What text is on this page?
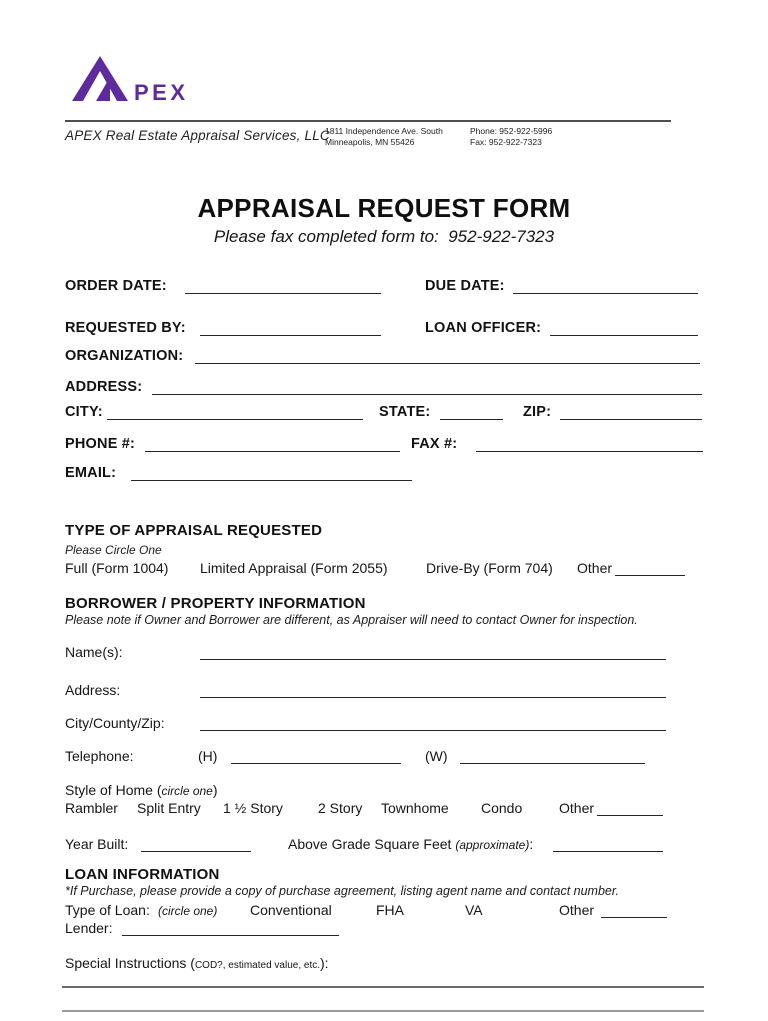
PEX
APEX Real Estate Appraisal Services, LLC
1811 Independence Ave. South
Minneapolis, MN 55426
Phone: 952-922-5996
Fax: 952-922-7323
APPRAISAL REQUEST FORM
Please fax completed form to:  952-922-7323
ORDER DATE:	DUE DATE:
REQUESTED BY:	LOAN OFFICER:
ORGANIZATION:
ADDRESS:
CITY:	STATE:	ZIP:
PHONE #:	FAX #:
EMAIL:
TYPE OF APPRAISAL REQUESTED
Please Circle One
Full (Form 1004) Limited Appraisal (Form 2055)	Drive-By (Form 704) Other
BORROWER / PROPERTY INFORMATION
Please note if Owner and Borrower are different, as Appraiser will need to contact Owner for inspection.
Name(s):
Address:
City/County/Zip:
Telephone:	(H)	(W)
Style of Home (circle one)
Rambler Split Entry 1 ½ Story	2 Story Townhome Condo	Other
Year Built:	Above Grade Square Feet (approximate):
LOAN INFORMATION
*If Purchase, please provide a copy of purchase agreement, listing agent name and contact number.
Type of Loan: (circle one) Conventional	FHA	VA	Other
Lender:
Special Instructions (COD?, estimated value, etc.):
